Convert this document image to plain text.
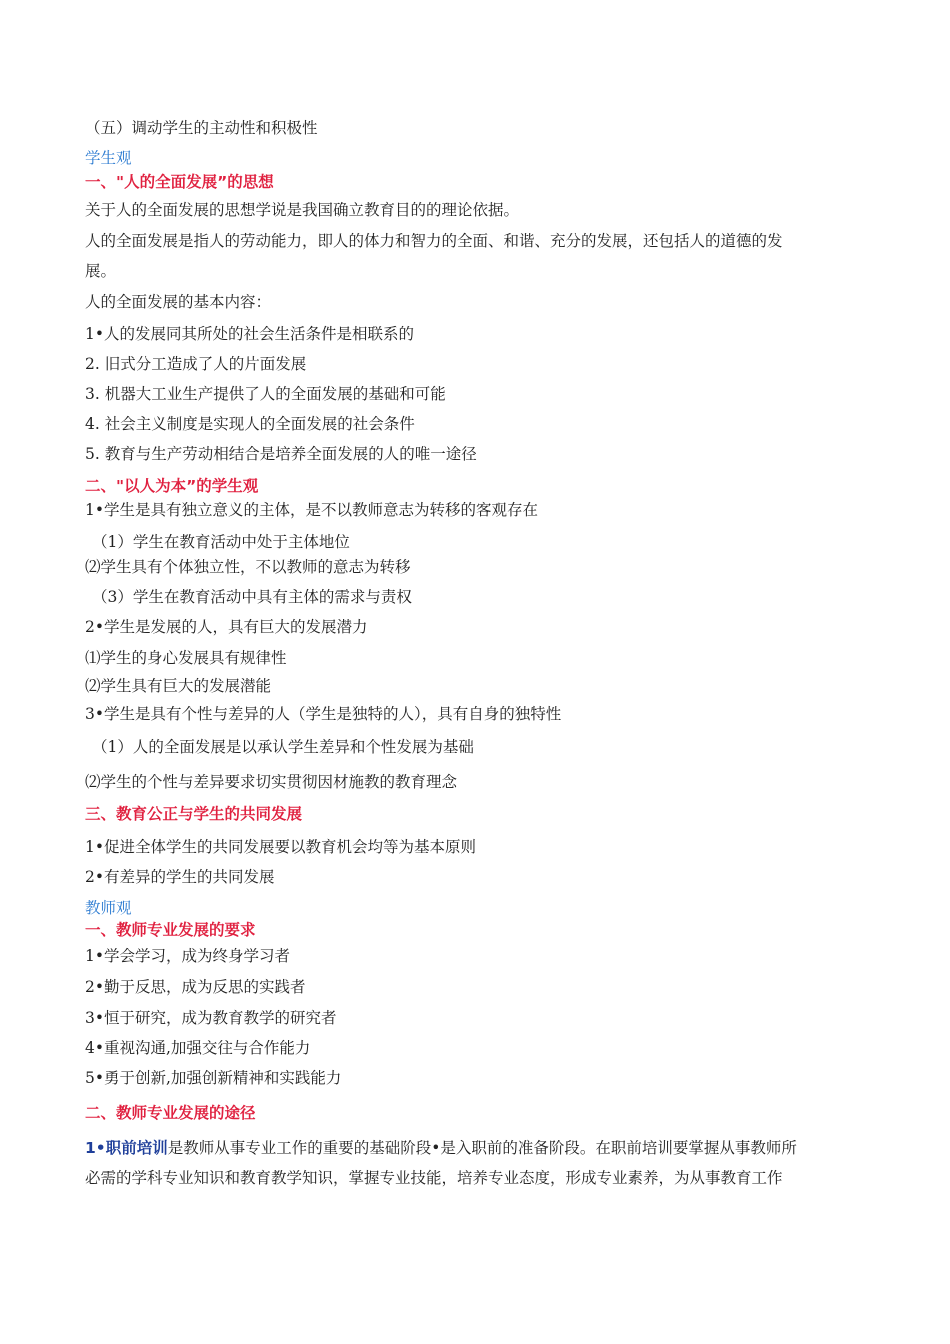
（五）调动学生的主动性和积极性
学生观
一、"人的全面发展”的思想
关于人的全面发展的思想学说是我国确立教育目的的理论依据。
人的全面发展是指人的劳动能力，即人的体力和智力的全面、和谐、充分的发展，还包括人的道德的发
展。
人的全面发展的基本内容：
1•人的发展同其所处的社会生活条件是相联系的
2. 旧式分工造成了人的片面发展
3. 机器大工业生产提供了人的全面发展的基础和可能
4. 社会主义制度是实现人的全面发展的社会条件
5. 教育与生产劳动相结合是培养全面发展的人的唯一途径
二、"以人为本”的学生观
1•学生是具有独立意义的主体，是不以教师意志为转移的客观存在
（1）学生在教育活动中处于主体地位
⑵学生具有个体独立性，不以教师的意志为转移
（3）学生在教育活动中具有主体的需求与责权
2•学生是发展的人，具有巨大的发展潜力
⑴学生的身心发展具有规律性
⑵学生具有巨大的发展潜能
3•学生是具有个性与差异的人（学生是独特的人），具有自身的独特性
（1）人的全面发展是以承认学生差异和个性发展为基础
⑵学生的个性与差异要求切实贯彻因材施教的教育理念
三、教育公正与学生的共同发展
1•促进全体学生的共同发展要以教育机会均等为基本原则
2•有差异的学生的共同发展
教师观
一、教师专业发展的要求
1•学会学习，成为终身学习者
2•勤于反思，成为反思的实践者
3•恒于研究，成为教育教学的研究者
4•重视沟通,加强交往与合作能力
5•勇于创新,加强创新精神和实践能力
二、教师专业发展的途径
1•职前培训是教师从事专业工作的重要的基础阶段•是入职前的准备阶段。在职前培训要掌握从事教师所
必需的学科专业知识和教育教学知识，掌握专业技能，培养专业态度，形成专业素养，为从事教育工作
